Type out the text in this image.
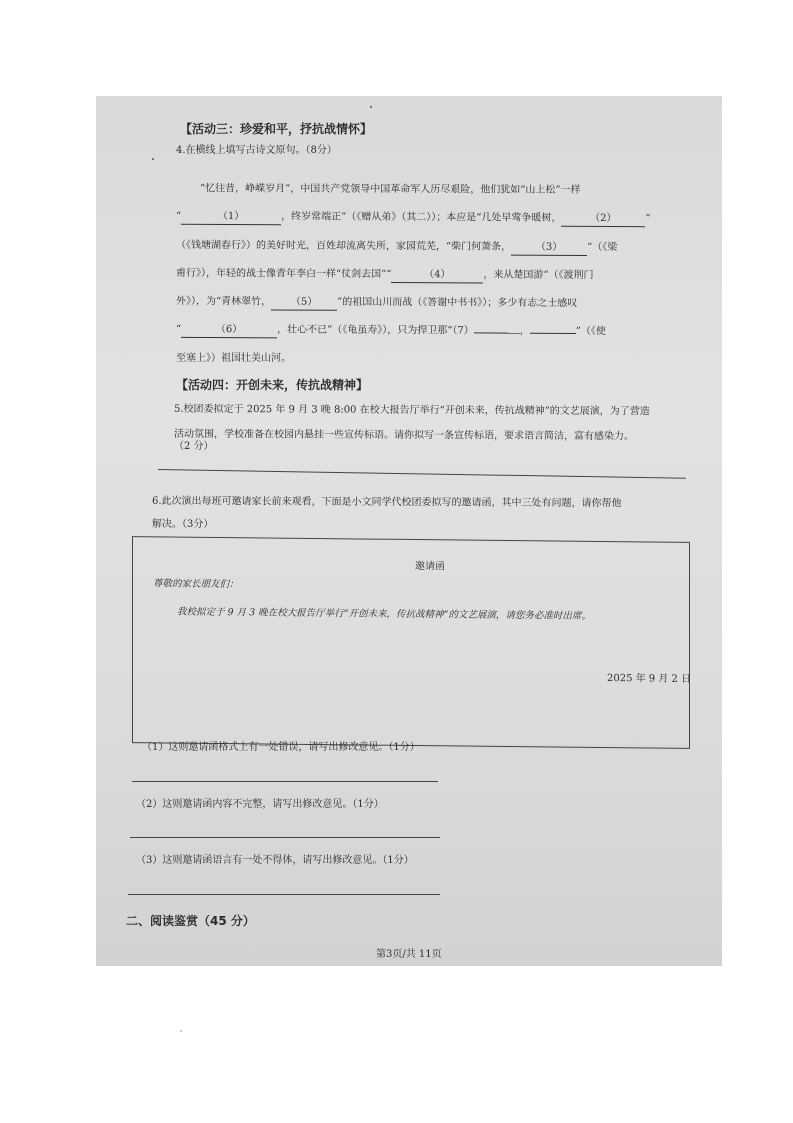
【活动三：珍爱和平，抒抗战情怀】
4.在横线上填写古诗文原句。（8分）
“忆往昔，峥嵘岁月”，中国共产党领导中国革命军人历尽艰险，他们犹如“山上松”一样
“	（1）	，终岁常端正”（《赠从弟》（其二））；本应是“几处早莺争暖树，	（2）	”
（《钱塘湖春行》）的美好时光，百姓却流离失所，家园荒芜，“柴门何萧条， （3） ”（《梁
甫行》），年轻的战士像青年李白一样“仗剑去国”“	（4）	，来从楚国游”（《渡荆门
外》），为“青林翠竹， （5） ”的祖国山川而战（《答谢中书书》）；多少有志之士感叹
“	（6）	，壮心不已”（《龟虽寿》），只为捍卫那“（7）	，	”（《使
至塞上》）祖国壮美山河。
【活动四：开创未来，传抗战精神】
5.校团委拟定于 2025 年 9 月 3 晚 8:00 在校大报告厅举行“开创未来，传抗战精神”的文艺展演，为了营造
活动氛围，学校准备在校园内悬挂一些宣传标语。请你拟写一条宣传标语，要求语言简洁，富有感染力。
（2 分）
6.此次演出每班可邀请家长前来观看，下面是小文同学代校团委拟写的邀请函，其中三处有问题，请你帮他
解决。（3分）
邀请函
尊敬的家长朋友们：
我校拟定于 9 月 3 晚在校大报告厅举行“开创未来，传抗战精神”的文艺展演，请您务必准时出席。
2025 年 9 月 2 日
（1）这则邀请函格式上有一处错误，请写出修改意见。（1分）
（2）这则邀请函内容不完整，请写出修改意见。（1分）
（3）这则邀请函语言有一处不得体，请写出修改意见。（1分）
二、阅读鉴赏（45 分）
第3页/共 11页
